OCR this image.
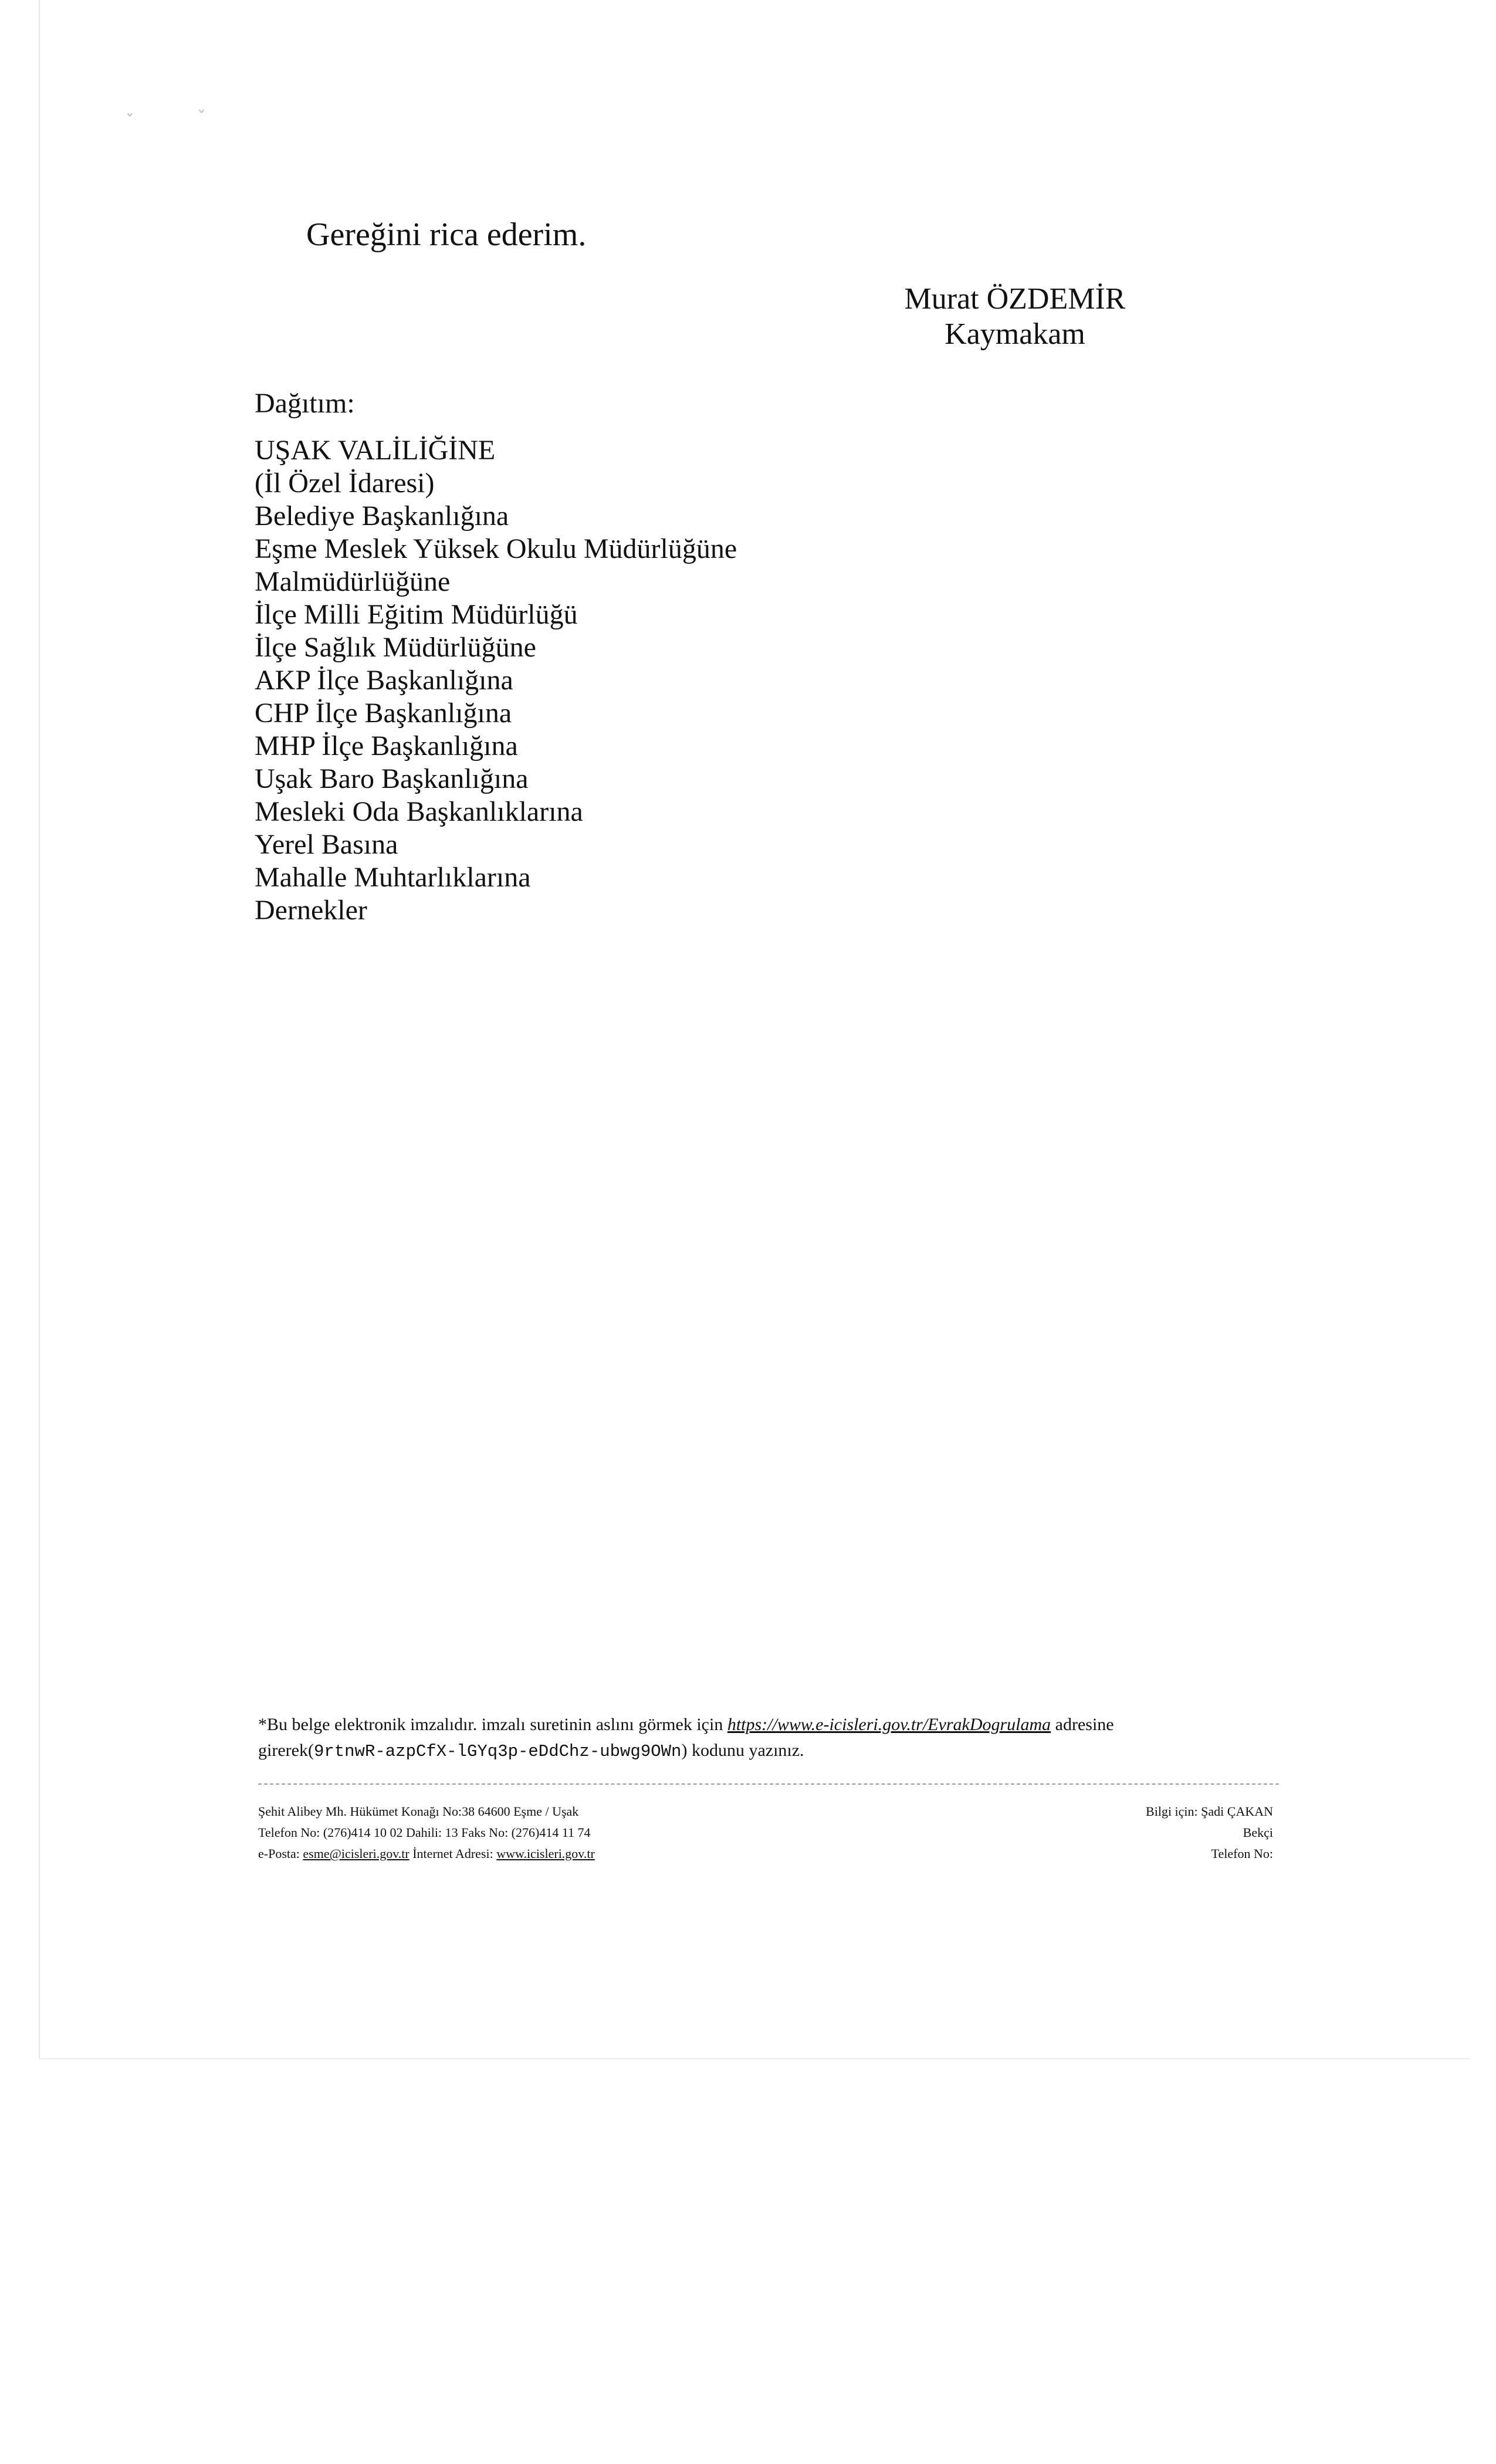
ˇ	ˇ
Gereğini rica ederim.
Murat ÖZDEMİR
Kaymakam
Dağıtım:
UŞAK VALİLİĞİNE
(İl Özel İdaresi)
Belediye Başkanlığına
Eşme Meslek Yüksek Okulu Müdürlüğüne
Malmüdürlüğüne
İlçe Milli Eğitim Müdürlüğü
İlçe Sağlık Müdürlüğüne
AKP İlçe Başkanlığına
CHP İlçe Başkanlığına
MHP İlçe Başkanlığına
Uşak Baro Başkanlığına
Mesleki Oda Başkanlıklarına
Yerel Basına
Mahalle Muhtarlıklarına
Dernekler
*Bu belge elektronik imzalıdır. imzalı suretinin aslını görmek için https://www.e-icisleri.gov.tr/EvrakDogrulama adresine
girerek(9rtnwR-azpCfX-lGYq3p-eDdChz-ubwg9OWn) kodunu yazınız.
Şehit Alibey Mh. Hükümet Konağı No:38 64600 Eşme / Uşak
Telefon No: (276)414 10 02 Dahili: 13 Faks No: (276)414 11 74
e-Posta: esme@icisleri.gov.tr İnternet Adresi: www.icisleri.gov.tr
Bilgi için: Şadi ÇAKAN
Bekçi
Telefon No:
